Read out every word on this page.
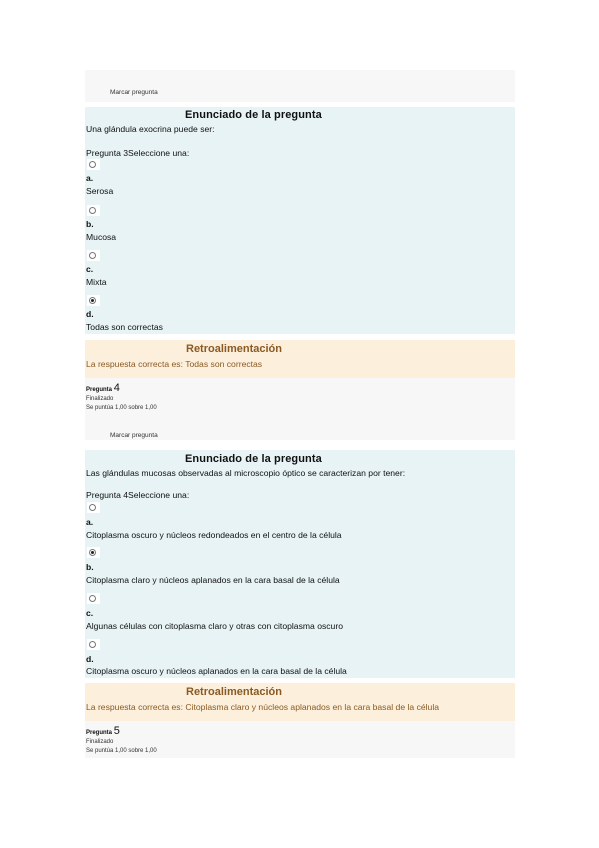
Marcar pregunta
Enunciado de la pregunta
Una glándula exocrina puede ser:
Pregunta 3Seleccione una:
a.
Serosa
b.
Mucosa
c.
Mixta
d.
Todas son correctas
Retroalimentación
La respuesta correcta es: Todas son correctas
Pregunta 4
Finalizado
Se puntúa 1,00 sobre 1,00
Marcar pregunta
Enunciado de la pregunta
Las glándulas mucosas observadas al microscopio óptico se caracterizan por tener:
Pregunta 4Seleccione una:
a.
Citoplasma oscuro y núcleos redondeados en el centro de la célula
b.
Citoplasma claro y núcleos aplanados en la cara basal de la célula
c.
Algunas células con citoplasma claro y otras con citoplasma oscuro
d.
Citoplasma oscuro y núcleos aplanados en la cara basal de la célula
Retroalimentación
La respuesta correcta es: Citoplasma claro y núcleos aplanados en la cara basal de la célula
Pregunta 5
Finalizado
Se puntúa 1,00 sobre 1,00
